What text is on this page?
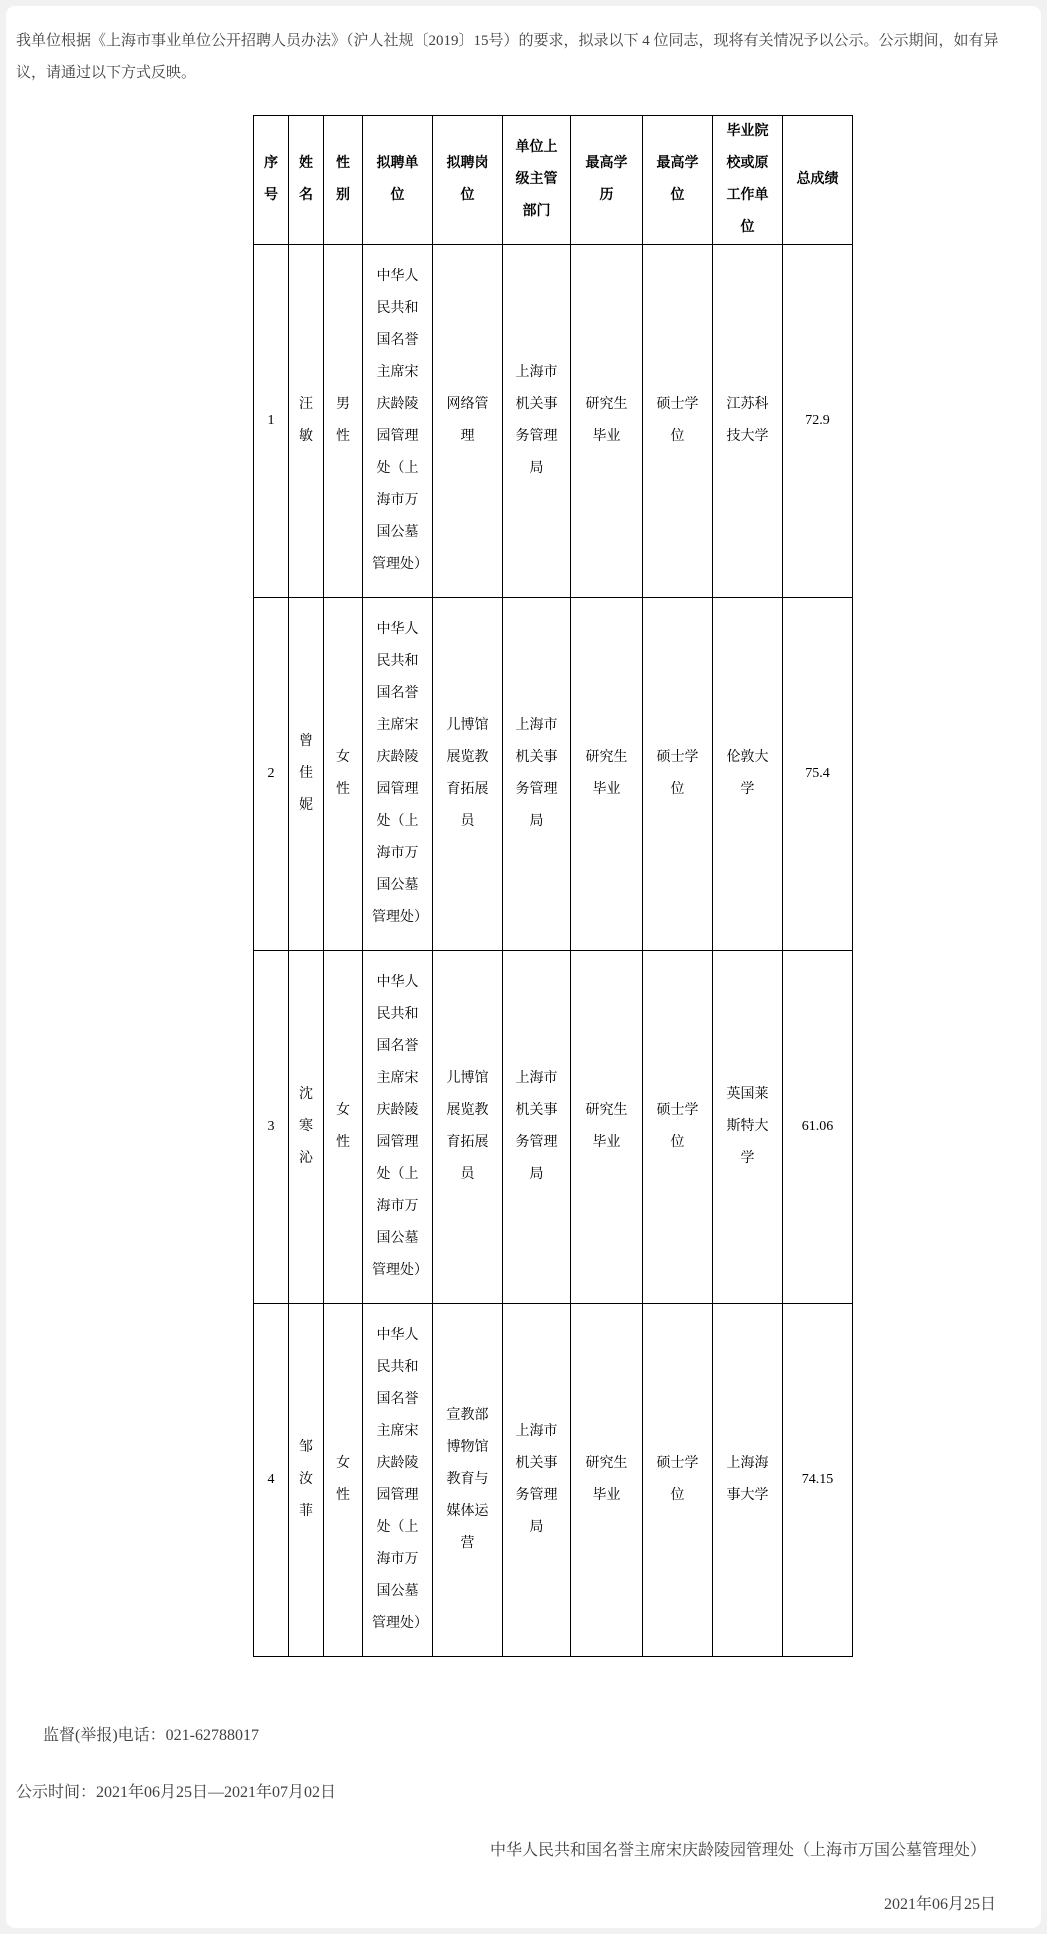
我单位根据《上海市事业单位公开招聘人员办法》（沪人社规〔2019〕15号）的要求，拟录以下 4 位同志，现将有关情况予以公示。公示期间，如有异议，请通过以下方式反映。

序号	姓名	性别	拟聘单位	拟聘岗位	单位上级主管部门	最高学历	最高学位	毕业院校或原工作单位	总成绩
1	汪敏	男性	中华人民共和国名誉主席宋庆龄陵园管理处（上海市万国公墓管理处）	网络管理	上海市机关事务管理局	研究生毕业	硕士学位	江苏科技大学	72.9
2	曾佳妮	女性	中华人民共和国名誉主席宋庆龄陵园管理处（上海市万国公墓管理处）	儿博馆展览教育拓展员	上海市机关事务管理局	研究生毕业	硕士学位	伦敦大学	75.4
3	沈寒沁	女性	中华人民共和国名誉主席宋庆龄陵园管理处（上海市万国公墓管理处）	儿博馆展览教育拓展员	上海市机关事务管理局	研究生毕业	硕士学位	英国莱斯特大学	61.06
4	邹汝菲	女性	中华人民共和国名誉主席宋庆龄陵园管理处（上海市万国公墓管理处）	宣教部博物馆教育与媒体运营	上海市机关事务管理局	研究生毕业	硕士学位	上海海事大学	74.15
监督(举报)电话：021-62788017
公示时间：2021年06月25日—2021年07月02日
中华人民共和国名誉主席宋庆龄陵园管理处（上海市万国公墓管理处）
2021年06月25日
